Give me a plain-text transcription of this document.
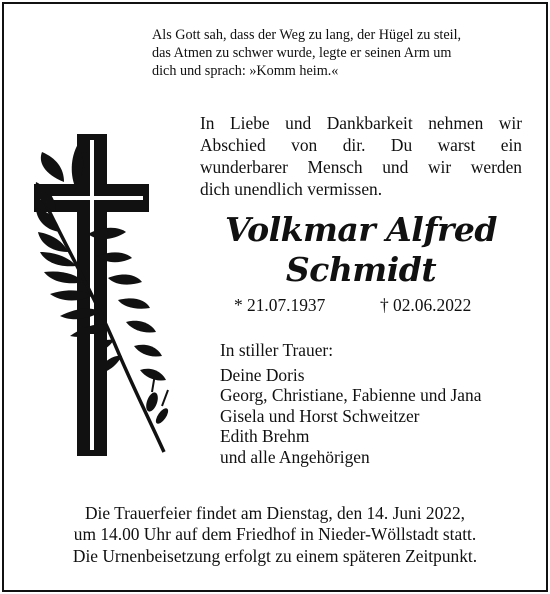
Als Gott sah, dass der Weg zu lang, der Hügel zu steil,
das Atmen zu schwer wurde, legte er seinen Arm um
dich und sprach: »Komm heim.«
In Liebe und Dankbarkeit nehmen wir
Abschied von dir. Du warst ein
wunderbarer Mensch und wir werden
dich unendlich vermissen.
Volkmar Alfred
Schmidt
* 21.07.1937	† 02.06.2022
In stiller Trauer:
Deine Doris
Georg, Christiane, Fabienne und Jana
Gisela und Horst Schweitzer
Edith Brehm
und alle Angehörigen
Die Trauerfeier findet am Dienstag, den 14. Juni 2022,
um 14.00 Uhr auf dem Friedhof in Nieder-Wöllstadt statt.
Die Urnenbeisetzung erfolgt zu einem späteren Zeitpunkt.
